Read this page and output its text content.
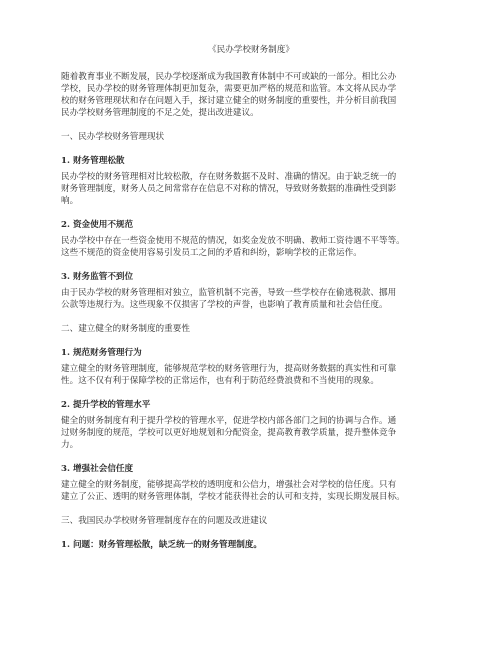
《民办学校财务制度》
随着教育事业不断发展，民办学校逐渐成为我国教育体制中不可或缺的一部分。相比公办
学校，民办学校的财务管理体制更加复杂，需要更加严格的规范和监管。本文将从民办学
校的财务管理现状和存在问题入手，探讨建立健全的财务制度的重要性，并分析目前我国
民办学校财务管理制度的不足之处，提出改进建议。
一、民办学校财务管理现状
1. 财务管理松散
民办学校的财务管理相对比较松散，存在财务数据不及时、准确的情况。由于缺乏统一的
财务管理制度，财务人员之间常常存在信息不对称的情况，导致财务数据的准确性受到影
响。
2. 资金使用不规范
民办学校中存在一些资金使用不规范的情况，如奖金发放不明确、教师工资待遇不平等等。
这些不规范的资金使用容易引发员工之间的矛盾和纠纷，影响学校的正常运作。
3. 财务监管不到位
由于民办学校的财务管理相对独立，监管机制不完善，导致一些学校存在偷逃税款、挪用
公款等违规行为。这些现象不仅损害了学校的声誉，也影响了教育质量和社会信任度。
二、建立健全的财务制度的重要性
1. 规范财务管理行为
建立健全的财务管理制度，能够规范学校的财务管理行为，提高财务数据的真实性和可靠
性。这不仅有利于保障学校的正常运作，也有利于防范经费浪费和不当使用的现象。
2. 提升学校的管理水平
健全的财务制度有利于提升学校的管理水平，促进学校内部各部门之间的协调与合作。通
过财务制度的规范，学校可以更好地规划和分配资金，提高教育教学质量，提升整体竞争
力。
3. 增强社会信任度
建立健全的财务制度，能够提高学校的透明度和公信力，增强社会对学校的信任度。只有
建立了公正、透明的财务管理体制，学校才能获得社会的认可和支持，实现长期发展目标。
三、我国民办学校财务管理制度存在的问题及改进建议
1. 问题：财务管理松散，缺乏统一的财务管理制度。
